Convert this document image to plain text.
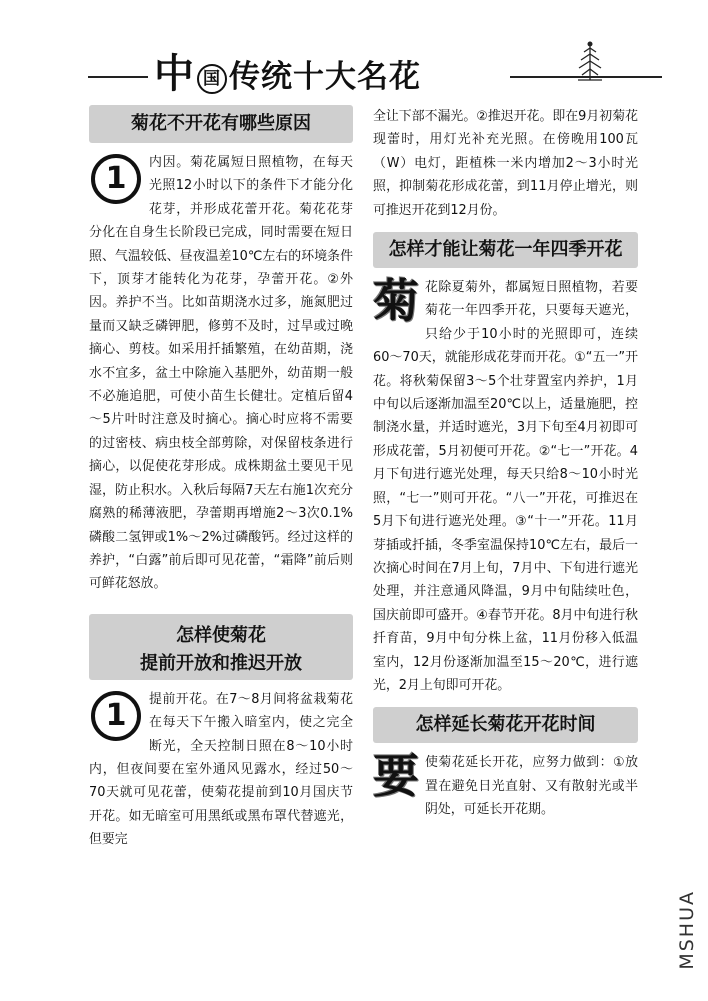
中 国 传统十大名花
菊花不开花有哪些原因

1	内因。菊花属短日照植物，在每天光照12小时以下的条件下才能分化花芽，并形成花蕾开花。菊花花芽分化在自身生长阶段已完成，同时需要在短日照、气温较低、昼夜温差10℃左右的环境条件下，顶芽才能转化为花芽，孕蕾开花。②外因。养护不当。比如苗期浇水过多，施氮肥过量而又缺乏磷钾肥，修剪不及时，过旱或过晚摘心、剪枝。如采用扦插繁殖，在幼苗期，浇水不宜多，盆土中除施入基肥外，幼苗期一般不必施追肥，可使小苗生长健壮。定植后留4～5片叶时注意及时摘心。摘心时应将不需要的过密枝、病虫枝全部剪除，对保留枝条进行摘心，以促使花芽形成。成株期盆土要见干见湿，防止积水。入秋后每隔7天左右施1次充分腐熟的稀薄液肥，孕蕾期再增施2～3次0.1%磷酸二氢钾或1%～2%过磷酸钙。经过这样的养护，“白露”前后即可见花蕾，“霜降”前后则可鲜花怒放。

怎样使菊花
提前开放和推迟开放

1	提前开花。在7～8月间将盆栽菊花在每天下午搬入暗室内，使之完全断光，全天控制日照在8～10小时内，但夜间要在室外通风见露水，经过50～70天就可见花蕾，使菊花提前到10月国庆节开花。如无暗室可用黑纸或黑布罩代替遮光，但要完

全让下部不漏光。②推迟开花。即在9月初菊花现蕾时，用灯光补充光照。在傍晚用100瓦（W）电灯，距植株一米内增加2～3小时光照，抑制菊花形成花蕾，到11月停止增光，则可推迟开花到12月份。

怎样才能让菊花一年四季开花

菊花除夏菊外，都属短日照植物，若要菊花一年四季开花，只要每天遮光，只给少于10小时的光照即可，连续60～70天，就能形成花芽而开花。①“五一”开花。将秋菊保留3～5个壮芽置室内养护，1月中旬以后逐渐加温至20℃以上，适量施肥，控制浇水量，并适时遮光，3月下旬至4月初即可形成花蕾，5月初便可开花。②“七一”开花。4月下旬进行遮光处理，每天只给8～10小时光照，“七一”则可开花。“八一”开花，可推迟在5月下旬进行遮光处理。③“十一”开花。11月芽插或扦插，冬季室温保持10℃左右，最后一次摘心时间在7月上旬，7月中、下旬进行遮光处理，并注意通风降温，9月中旬陆续吐色，国庆前即可盛开。④春节开花。8月中旬进行秋扦育苗，9月中旬分株上盆，11月份移入低温室内，12月份逐渐加温至15～20℃，进行遮光，2月上旬即可开花。

怎样延长菊花开花时间

要使菊花延长开花，应努力做到：①放置在避免日光直射、又有散射光或半阴处，可延长开花期。

MSHUA
